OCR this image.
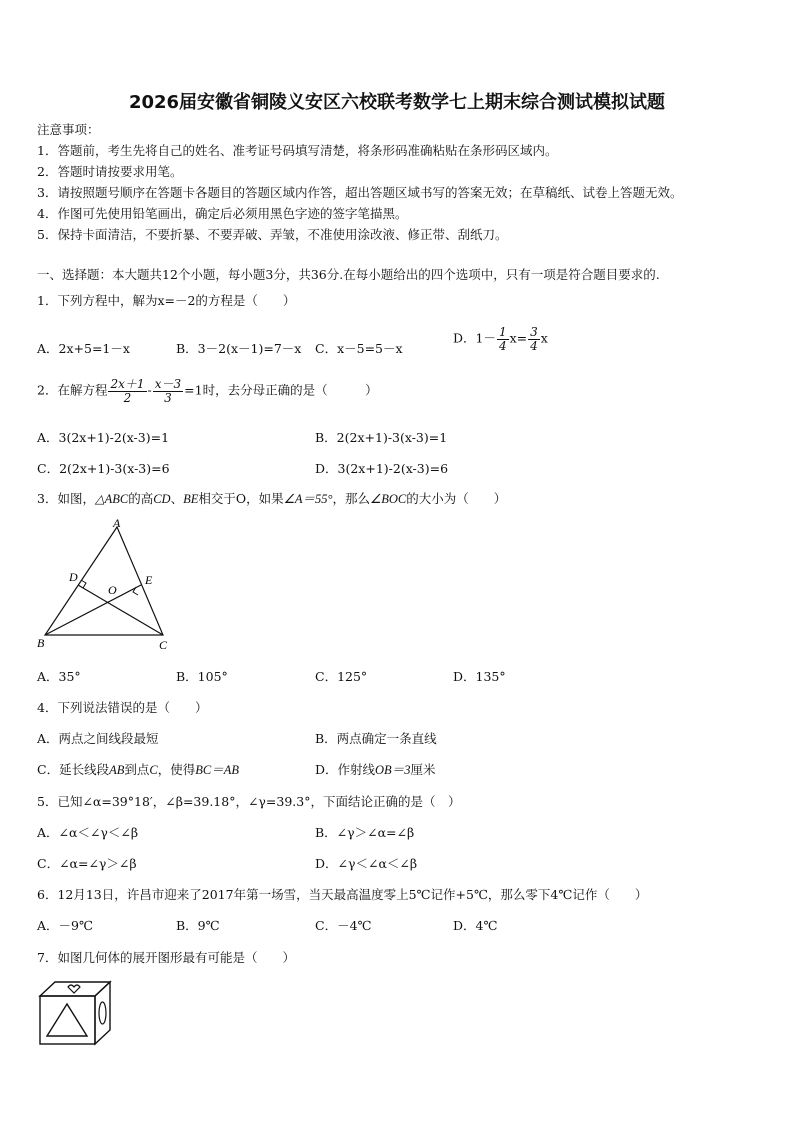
2026届安徽省铜陵义安区六校联考数学七上期末综合测试模拟试题
注意事项：
1．答题前，考生先将自己的姓名、准考证号码填写清楚，将条形码准确粘贴在条形码区域内。
2．答题时请按要求用笔。
3．请按照题号顺序在答题卡各题目的答题区域内作答，超出答题区域书写的答案无效；在草稿纸、试卷上答题无效。
4．作图可先使用铅笔画出，确定后必须用黑色字迹的签字笔描黑。
5．保持卡面清洁，不要折暴、不要弄破、弄皱，不准使用涂改液、修正带、刮纸刀。
一、选择题：本大题共12个小题，每小题3分，共36分.在每小题给出的四个选项中，只有一项是符合题目要求的.
1．下列方程中，解为x=－2的方程是（　　）
A．2x+5=1－x	B．3－2(x－1)=7－x C．x－5=5－x
D．$1- \frac{1}{4} x= \frac{3}{4}$ x
2．在解方程 $\frac{2x+1}{2} - \frac{x-3}{3} =1$时，去分母正确的是（　　　）
A．3(2x+1)-2(x-3)=1	B．2(2x+1)-3(x-3)=1
C．2(2x+1)-3(x-3)=6	D．3(2x+1)-2(x-3)=6
3．如图，△ABC的高CD、BE相交于O，如果∠A＝55°，那么∠BOC的大小为（　　）
A
B	C
D	E
O
A．35°	B．105°	C．125°	D．135°
4．下列说法错误的是（　　）
A．两点之间线段最短	B．两点确定一条直线
C．延长线段AB到点C，使得BC＝AB	D．作射线OB＝3厘米
5．已知∠α=39°18′，∠β=39.18°，∠γ=39.3°，下面结论正确的是（　）
A．∠α＜∠γ＜∠β	B．∠γ＞∠α=∠β
C．∠α=∠γ＞∠β	D．∠γ＜∠α＜∠β
6．12月13日，许昌市迎来了2017年第一场雪，当天最高温度零上5℃记作+5℃，那么零下4℃记作（　　）
A．－9℃	B．9℃	C．－4℃	D．4℃
7．如图几何体的展开图形最有可能是（　　）
